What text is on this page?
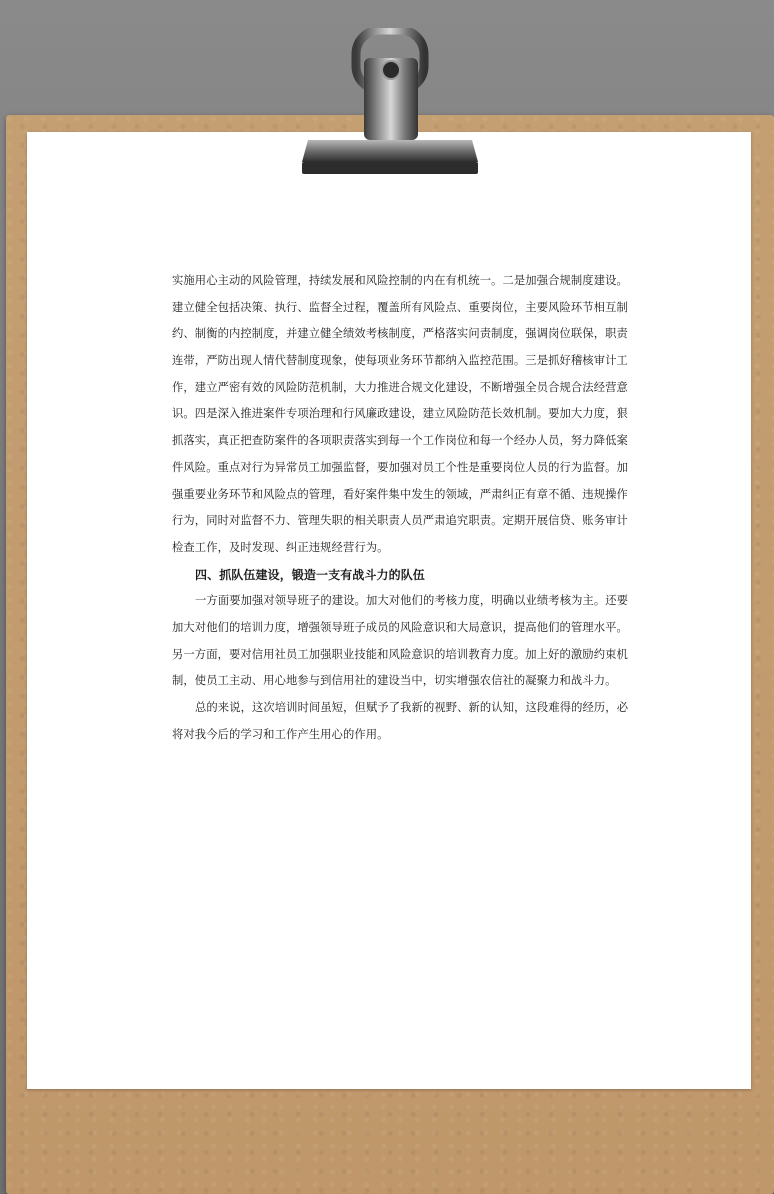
实施用心主动的风险管理，持续发展和风险控制的内在有机统一。二是加强合规制度建设。
建立健全包括决策、执行、监督全过程，覆盖所有风险点、重要岗位，主要风险环节相互制
约、制衡的内控制度，并建立健全绩效考核制度，严格落实问责制度，强调岗位联保，职责
连带，严防出现人情代替制度现象，使每项业务环节都纳入监控范围。三是抓好稽核审计工
作，建立严密有效的风险防范机制，大力推进合规文化建设，不断增强全员合规合法经营意
识。四是深入推进案件专项治理和行风廉政建设，建立风险防范长效机制。要加大力度，狠
抓落实，真正把查防案件的各项职责落实到每一个工作岗位和每一个经办人员，努力降低案
件风险。重点对行为异常员工加强监督，要加强对员工个性是重要岗位人员的行为监督。加
强重要业务环节和风险点的管理，看好案件集中发生的领域，严肃纠正有章不循、违规操作
行为，同时对监督不力、管理失职的相关职责人员严肃追究职责。定期开展信贷、账务审计
检查工作，及时发现、纠正违规经营行为。
四、抓队伍建设，锻造一支有战斗力的队伍
一方面要加强对领导班子的建设。加大对他们的考核力度，明确以业绩考核为主。还要
加大对他们的培训力度，增强领导班子成员的风险意识和大局意识，提高他们的管理水平。
另一方面，要对信用社员工加强职业技能和风险意识的培训教育力度。加上好的激励约束机
制，使员工主动、用心地参与到信用社的建设当中，切实增强农信社的凝聚力和战斗力。
总的来说，这次培训时间虽短，但赋予了我新的视野、新的认知，这段难得的经历，必
将对我今后的学习和工作产生用心的作用。
